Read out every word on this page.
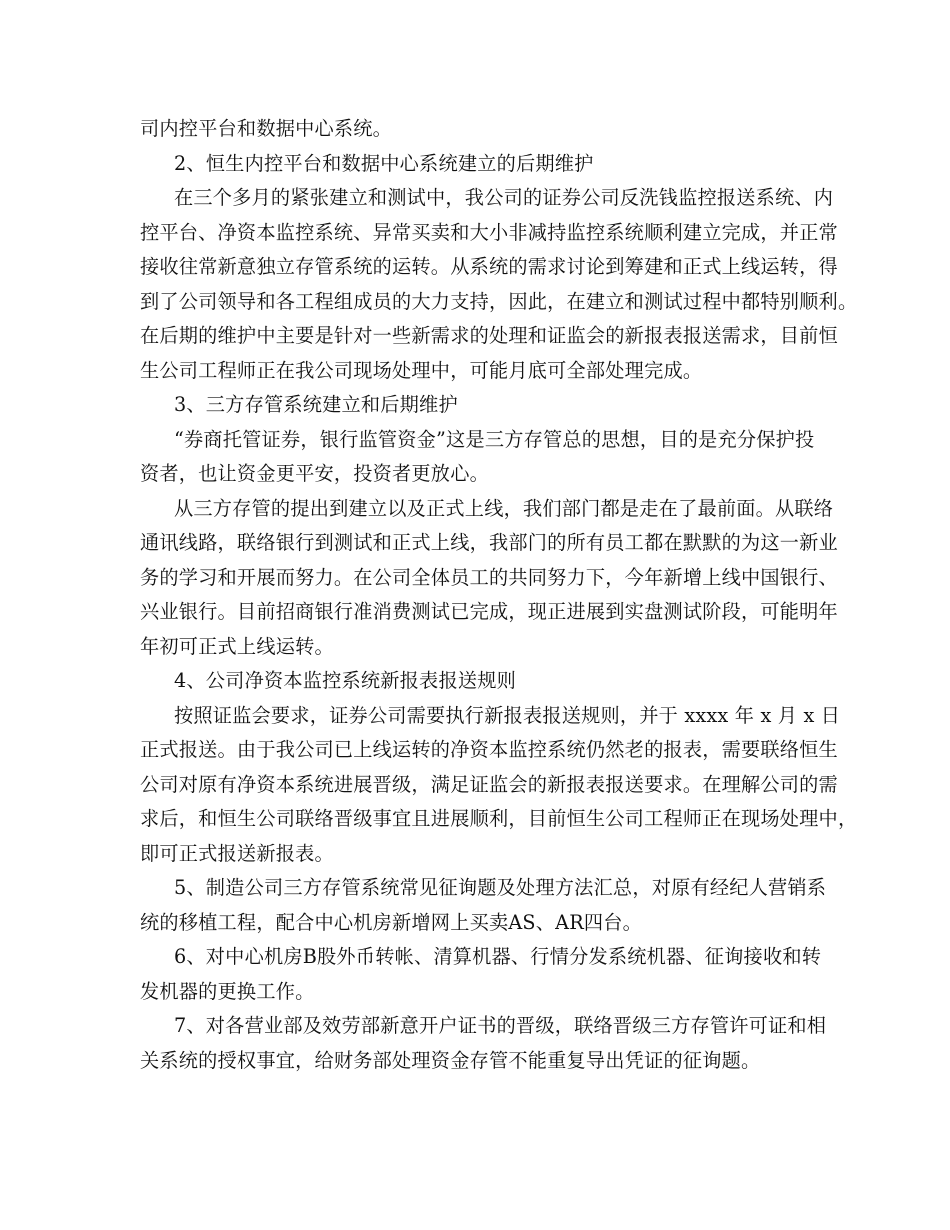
司内控平台和数据中心系统。
2、恒生内控平台和数据中心系统建立的后期维护
在三个多月的紧张建立和测试中，我公司的证券公司反洗钱监控报送系统、内
控平台、净资本监控系统、异常买卖和大小非减持监控系统顺利建立完成，并正常
接收往常新意独立存管系统的运转。从系统的需求讨论到筹建和正式上线运转，得
到了公司领导和各工程组成员的大力支持，因此，在建立和测试过程中都特别顺利。
在后期的维护中主要是针对一些新需求的处理和证监会的新报表报送需求，目前恒
生公司工程师正在我公司现场处理中，可能月底可全部处理完成。
3、三方存管系统建立和后期维护
“券商托管证券，银行监管资金”这是三方存管总的思想，目的是充分保护投
资者，也让资金更平安，投资者更放心。
从三方存管的提出到建立以及正式上线，我们部门都是走在了最前面。从联络
通讯线路，联络银行到测试和正式上线，我部门的所有员工都在默默的为这一新业
务的学习和开展而努力。在公司全体员工的共同努力下，今年新增上线中国银行、
兴业银行。目前招商银行准消费测试已完成，现正进展到实盘测试阶段，可能明年
年初可正式上线运转。
4、公司净资本监控系统新报表报送规则
按照证监会要求，证券公司需要执行新报表报送规则，并于 xxxx 年 x 月 x 日
正式报送。由于我公司已上线运转的净资本监控系统仍然老的报表，需要联络恒生
公司对原有净资本系统进展晋级，满足证监会的新报表报送要求。在理解公司的需
求后，和恒生公司联络晋级事宜且进展顺利，目前恒生公司工程师正在现场处理中，
即可正式报送新报表。
5、制造公司三方存管系统常见征询题及处理方法汇总，对原有经纪人营销系
统的移植工程，配合中心机房新增网上买卖AS、AR四台。
6、对中心机房B股外币转帐、清算机器、行情分发系统机器、征询接收和转
发机器的更换工作。
7、对各营业部及效劳部新意开户证书的晋级，联络晋级三方存管许可证和相
关系统的授权事宜，给财务部处理资金存管不能重复导出凭证的征询题。
